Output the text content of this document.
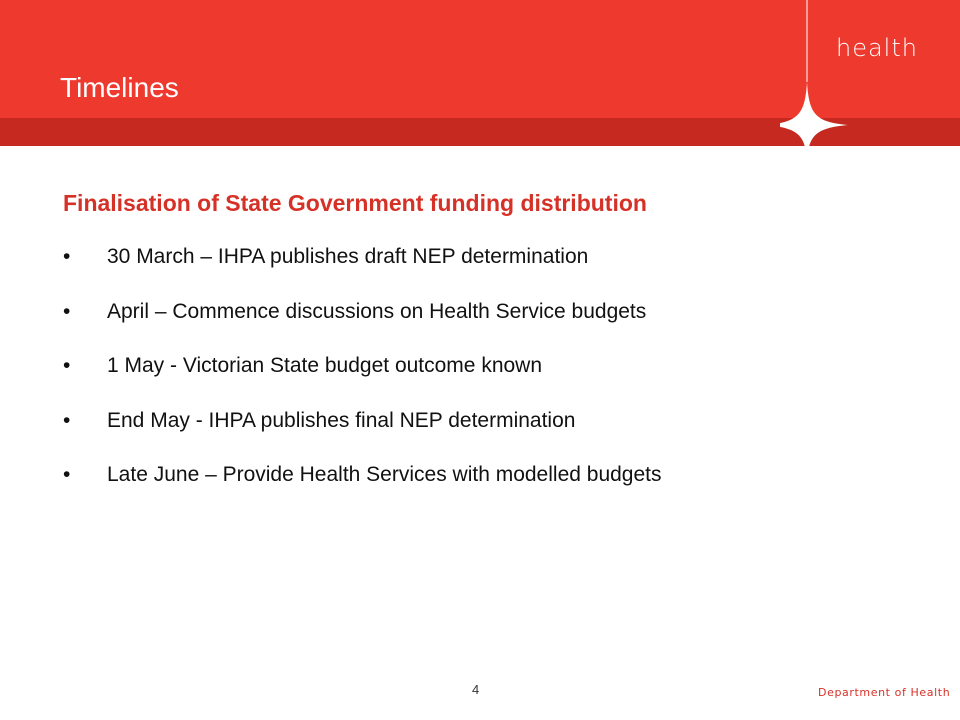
Timelines
health
Finalisation of State Government funding distribution
• 30 March – IHPA publishes draft NEP determination
• April – Commence discussions on Health Service budgets
• 1 May - Victorian State budget outcome known
• End May - IHPA publishes final NEP determination
• Late June – Provide Health Services with modelled budgets
4	Department of Health
